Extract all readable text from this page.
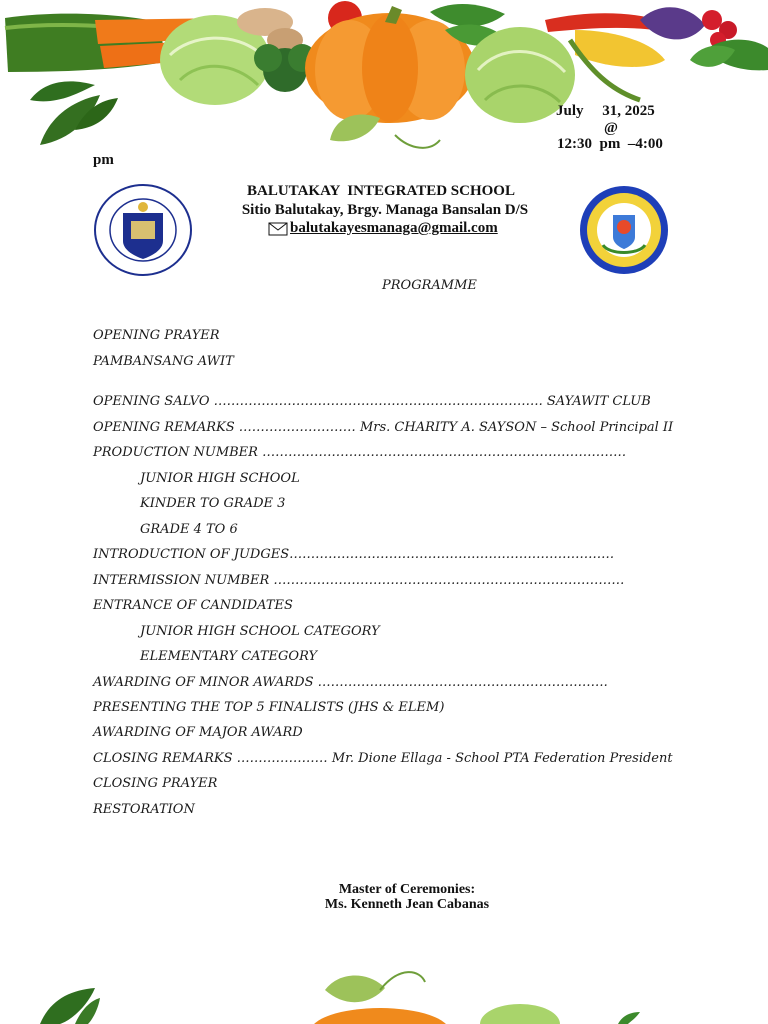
July     31, 2025
@
12:30  pm  –4:00
pm
BALUTAKAY  INTEGRATED SCHOOL
Sitio Balutakay, Brgy. Managa Bansalan D/S
balutakayesmanaga@gmail.com
PROGRAMME
OPENING PRAYER
PAMBANSANG AWIT
OPENING SALVO …………………………………………………………………. SAYAWIT CLUB
OPENING REMARKS ……………………… Mrs. CHARITY A. SAYSON – School Principal II
PRODUCTION NUMBER …………………………………………………………………………
JUNIOR HIGH SCHOOL
KINDER TO GRADE 3
GRADE 4 TO 6
INTRODUCTION OF JUDGES…………………………………………………………………
INTERMISSION NUMBER ………………………………………………………………………
ENTRANCE OF CANDIDATES
JUNIOR HIGH SCHOOL CATEGORY
ELEMENTARY CATEGORY
AWARDING OF MINOR AWARDS ………………………………………………………….
PRESENTING THE TOP 5 FINALISTS (JHS & ELEM)
AWARDING OF MAJOR AWARD
CLOSING REMARKS ………………… Mr. Dione Ellaga - School PTA Federation President
CLOSING PRAYER
RESTORATION
Master of Ceremonies:
Ms. Kenneth Jean Cabanas
